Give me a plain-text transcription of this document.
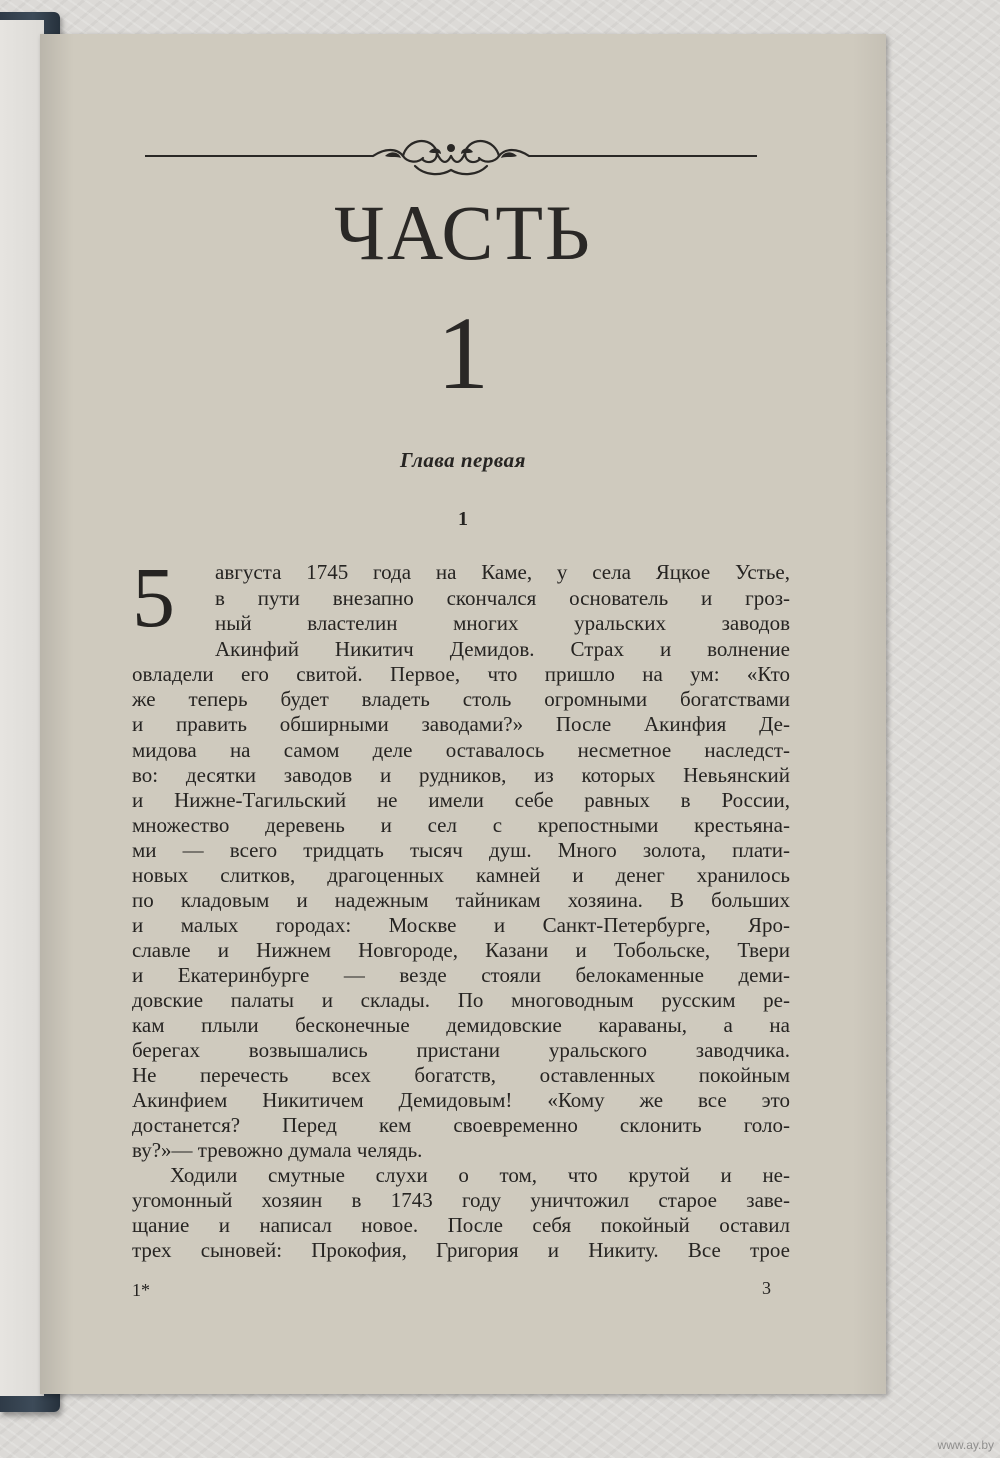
ЧАСТЬ
1
Глава первая
1
5 августа 1745 года на Каме, у села Яцкое Устье,
в пути внезапно скончался основатель и гроз-
ный властелин многих уральских заводов
Акинфий Никитич Демидов. Страх и волнение
овладели его свитой. Первое, что пришло на ум: «Кто
же теперь будет владеть столь огромными богатствами
и править обширными заводами?» После Акинфия Де-
мидова на самом деле оставалось несметное наследст-
во: десятки заводов и рудников, из которых Невьянский
и Нижне-Тагильский не имели себе равных в России,
множество деревень и сел с крепостными крестьяна-
ми — всего тридцать тысяч душ. Много золота, плати-
новых слитков, драгоценных камней и денег хранилось
по кладовым и надежным тайникам хозяина. В больших
и малых городах: Москве и Санкт-Петербурге, Яро-
славле и Нижнем Новгороде, Казани и Тобольске, Твери
и Екатеринбурге — везде стояли белокаменные деми-
довские палаты и склады. По многоводным русским ре-
кам плыли бесконечные демидовские караваны, а на
берегах возвышались пристани уральского заводчика.
Не перечесть всех богатств, оставленных покойным
Акинфием Никитичем Демидовым! «Кому же все это
достанется? Перед кем своевременно склонить голо-
ву?»— тревожно думала челядь.
Ходили смутные слухи о том, что крутой и не-
угомонный хозяин в 1743 году уничтожил старое заве-
щание и написал новое. После себя покойный оставил
трех сыновей: Прокофия, Григория и Никиту. Все трое
1*	3
www.ay.by
